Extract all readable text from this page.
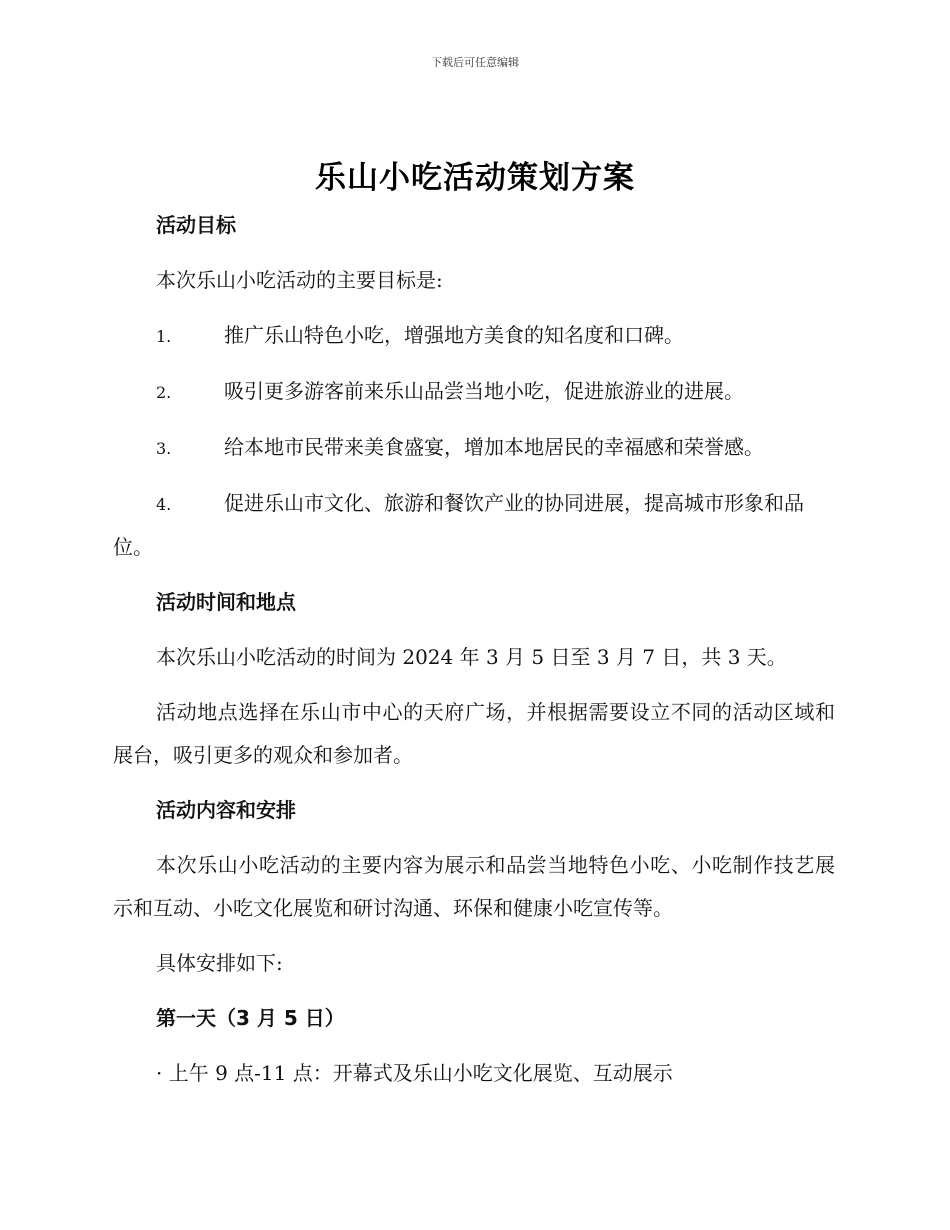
下载后可任意编辑
乐山小吃活动策划方案
活动目标
本次乐山小吃活动的主要目标是:
1.	推广乐山特色小吃，增强地方美食的知名度和口碑。
2.	吸引更多游客前来乐山品尝当地小吃，促进旅游业的进展。
3.	给本地市民带来美食盛宴，增加本地居民的幸福感和荣誉感。
4.	促进乐山市文化、旅游和餐饮产业的协同进展，提高城市形象和品位。
活动时间和地点
本次乐山小吃活动的时间为 2024 年 3 月 5 日至 3 月 7 日，共 3 天。
活动地点选择在乐山市中心的天府广场，并根据需要设立不同的活动区域和展台，吸引更多的观众和参加者。
活动内容和安排
本次乐山小吃活动的主要内容为展示和品尝当地特色小吃、小吃制作技艺展示和互动、小吃文化展览和研讨沟通、环保和健康小吃宣传等。
具体安排如下:
第一天（3 月 5 日）
· 上午 9 点-11 点：开幕式及乐山小吃文化展览、互动展示
